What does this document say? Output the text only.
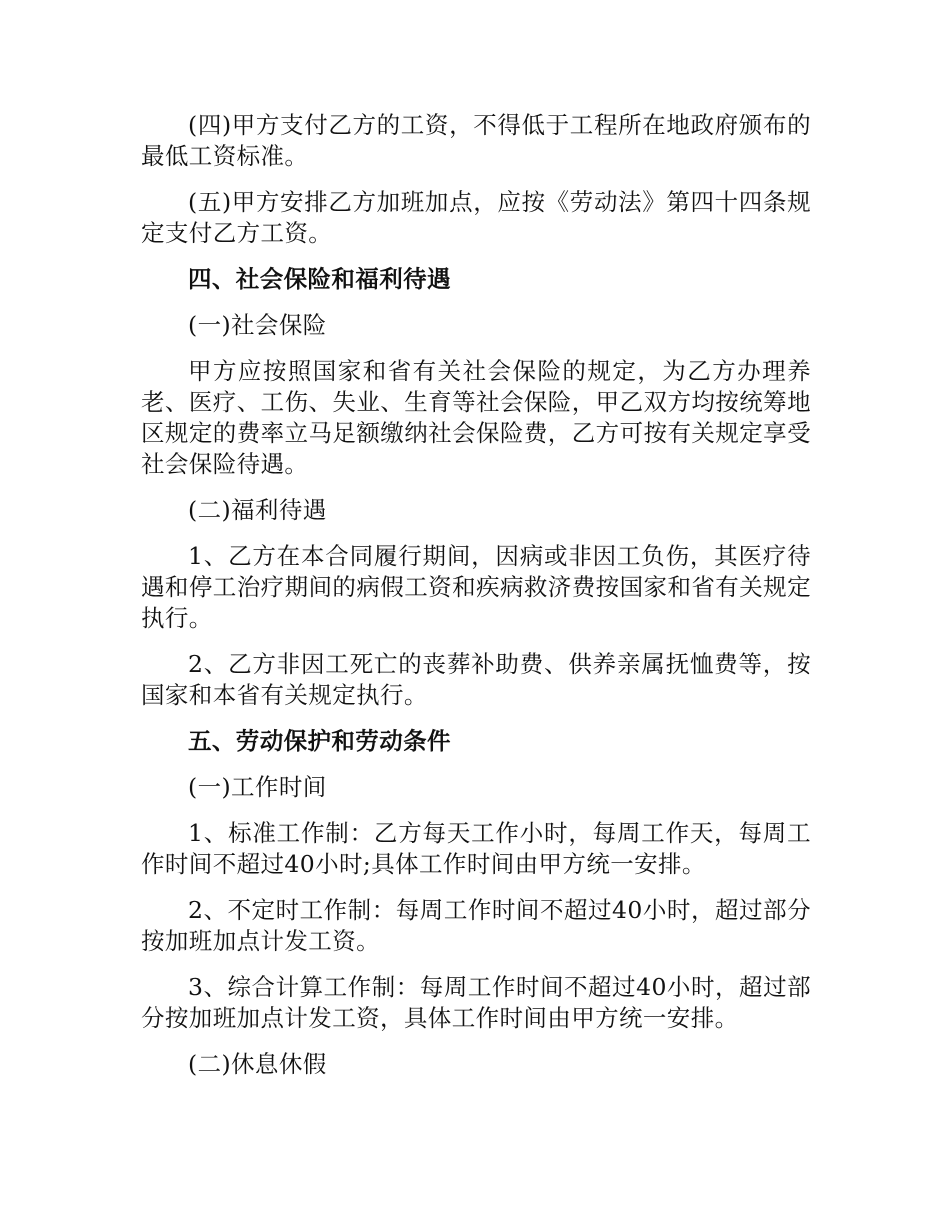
(四)甲方支付乙方的工资，不得低于工程所在地政府颁布的最低工资标准。

(五)甲方安排乙方加班加点，应按《劳动法》第四十四条规定支付乙方工资。

四、社会保险和福利待遇

(一)社会保险

甲方应按照国家和省有关社会保险的规定，为乙方办理养老、医疗、工伤、失业、生育等社会保险，甲乙双方均按统筹地区规定的费率立马足额缴纳社会保险费，乙方可按有关规定享受社会保险待遇。

(二)福利待遇

1、乙方在本合同履行期间，因病或非因工负伤，其医疗待遇和停工治疗期间的病假工资和疾病救济费按国家和省有关规定执行。

2、乙方非因工死亡的丧葬补助费、供养亲属抚恤费等，按国家和本省有关规定执行。

五、劳动保护和劳动条件

(一)工作时间

1、标准工作制：乙方每天工作小时，每周工作天，每周工作时间不超过40小时;具体工作时间由甲方统一安排。

2、不定时工作制：每周工作时间不超过40小时，超过部分按加班加点计发工资。

3、综合计算工作制：每周工作时间不超过40小时，超过部分按加班加点计发工资，具体工作时间由甲方统一安排。

(二)休息休假
